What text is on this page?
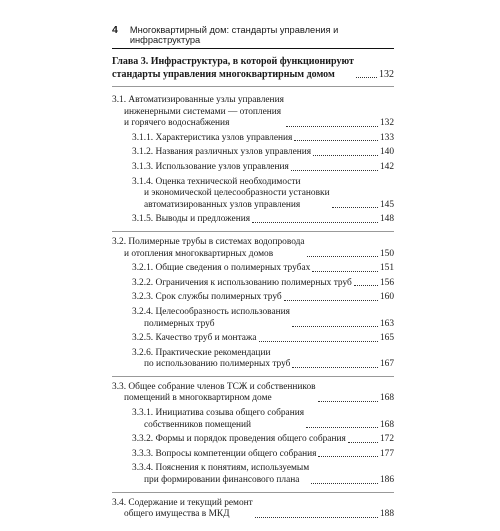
4 Многоквартирный дом: стандарты управления и инфраструктура
Глава 3. Инфраструктура, в которой функционируют
стандарты управления многоквартирным домом	132
3.1. Автоматизированные узлы управления
инженерными системами — отопления
и горячего водоснабжения	132
3.1.1. Характеристика узлов управления	133
3.1.2. Названия различных узлов управления	140
3.1.3. Использование узлов управления	142
3.1.4. Оценка технической необходимости
и экономической целесообразности установки
автоматизированных узлов управления	145
3.1.5. Выводы и предложения	148
3.2. Полимерные трубы в системах водопровода
и отопления многоквартирных домов	150
3.2.1. Общие сведения о полимерных трубах	151
3.2.2. Ограничения к использованию полимерных труб	156
3.2.3. Срок службы полимерных труб	160
3.2.4. Целесообразность использования
полимерных труб	163
3.2.5. Качество труб и монтажа	165
3.2.6. Практические рекомендации
по использованию полимерных труб	167
3.3. Общее собрание членов ТСЖ и собственников
помещений в многоквартирном доме	168
3.3.1. Инициатива созыва общего собрания
собственников помещений	168
3.3.2. Формы и порядок проведения общего собрания	172
3.3.3. Вопросы компетенции общего собрания	177
3.3.4. Пояснения к понятиям, используемым
при формировании финансового плана	186
3.4. Содержание и текущий ремонт
общего имущества в МКД	188
